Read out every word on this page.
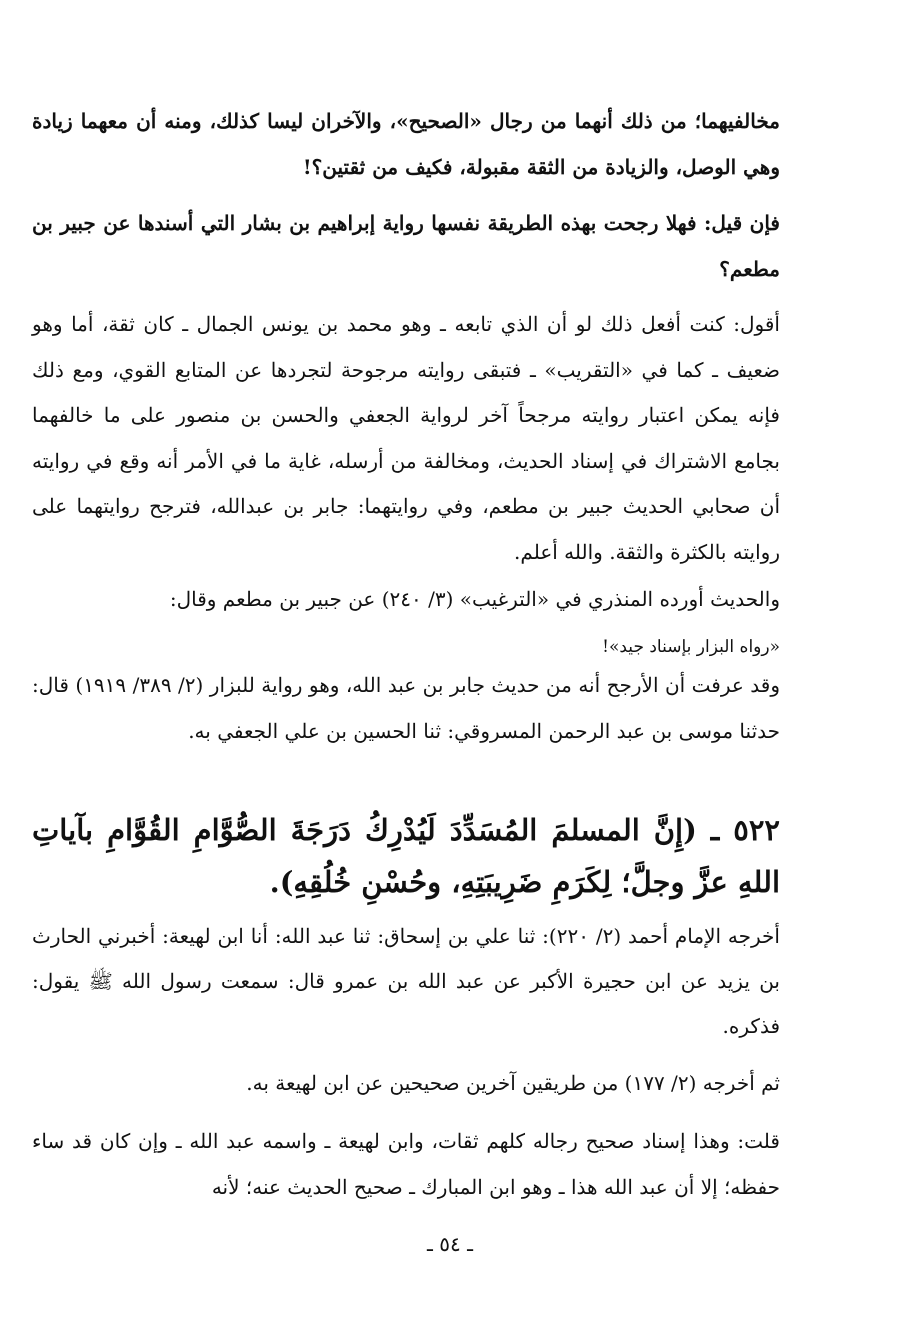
مخالفيهما؛ من ذلك أنهما من رجال «الصحيح»، والآخران ليسا كذلك، ومنه أن معهما زيادة وهي الوصل، والزيادة من الثقة مقبولة، فكيف من ثقتين؟!

فإن قيل: فهلا رجحت بهذه الطريقة نفسها رواية إبراهيم بن بشار التي أسندها عن جبير بن مطعم؟

أقول: كنت أفعل ذلك لو أن الذي تابعه ـ وهو محمد بن يونس الجمال ـ كان ثقة، أما وهو ضعيف ـ كما في «التقريب» ـ فتبقى روايته مرجوحة لتجردها عن المتابع القوي، ومع ذلك فإنه يمكن اعتبار روايته مرجحاً آخر لرواية الجعفي والحسن بن منصور على ما خالفهما بجامع الاشتراك في إسناد الحديث، ومخالفة من أرسله، غاية ما في الأمر أنه وقع في روايته أن صحابي الحديث جبير بن مطعم، وفي روايتهما: جابر بن عبدالله، فترجح روايتهما على روايته بالكثرة والثقة. والله أعلم.

والحديث أورده المنذري في «الترغيب» (٣/ ٢٤٠) عن جبير بن مطعم وقال:

«رواه البزار بإسناد جيد»!

وقد عرفت أن الأرجح أنه من حديث جابر بن عبد الله، وهو رواية للبزار (٢/ ٣٨٩/ ١٩١٩) قال: حدثنا موسى بن عبد الرحمن المسروقي: ثنا الحسين بن علي الجعفي به.

٥٢٢ ـ (إِنَّ المسلمَ المُسَدِّدَ لَيُدْرِكُ دَرَجَةَ الصُّوَّامِ القُوَّامِ بآياتِ اللهِ عزَّ وجلَّ؛ لِكَرَمِ ضَرِيبَتِهِ، وحُسْنِ خُلُقِهِ).

أخرجه الإمام أحمد (٢/ ٢٢٠): ثنا علي بن إسحاق: ثنا عبد الله: أنا ابن لهيعة: أخبرني الحارث بن يزيد عن ابن حجيرة الأكبر عن عبد الله بن عمرو قال: سمعت رسول الله ﷺ يقول: فذكره.

ثم أخرجه (٢/ ١٧٧) من طريقين آخرين صحيحين عن ابن لهيعة به.

قلت: وهذا إسناد صحيح رجاله كلهم ثقات، وابن لهيعة ـ واسمه عبد الله ـ وإن كان قد ساء حفظه؛ إلا أن عبد الله هذا ـ وهو ابن المبارك ـ صحيح الحديث عنه؛ لأنه

ـ ٥٤ ـ
